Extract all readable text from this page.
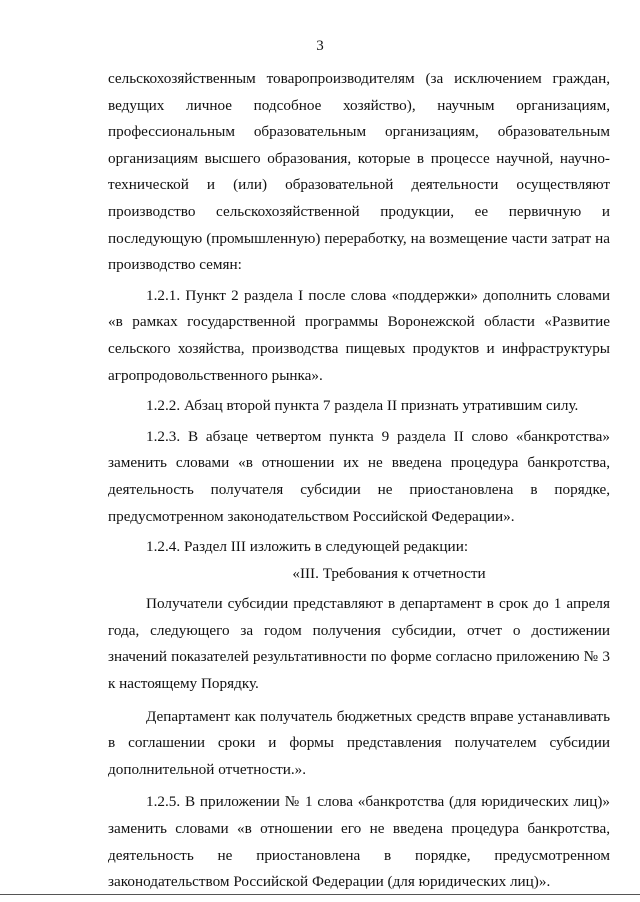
3

сельскохозяйственным товаропроизводителям (за исключением граждан, ведущих личное подсобное хозяйство), научным организациям, профессиональным образовательным организациям, образовательным организациям высшего образования, которые в процессе научной, научно-технической и (или) образовательной деятельности осуществляют производство сельскохозяйственной продукции, ее первичную и последующую (промышленную) переработку, на возмещение части затрат на производство семян:

1.2.1. Пункт 2 раздела I после слова «поддержки» дополнить словами «в рамках государственной программы Воронежской области «Развитие сельского хозяйства, производства пищевых продуктов и инфраструктуры агропродовольственного рынка».

1.2.2. Абзац второй пункта 7 раздела II признать утратившим силу.

1.2.3. В абзаце четвертом пункта 9 раздела II слово «банкротства» заменить словами «в отношении их не введена процедура банкротства, деятельность получателя субсидии не приостановлена в порядке, предусмотренном законодательством Российской Федерации».

1.2.4. Раздел III изложить в следующей редакции:

«III. Требования к отчетности

Получатели субсидии представляют в департамент в срок до 1 апреля года, следующего за годом получения субсидии, отчет о достижении значений показателей результативности по форме согласно приложению № 3 к настоящему Порядку.

Департамент как получатель бюджетных средств вправе устанавливать в соглашении сроки и формы представления получателем субсидии дополнительной отчетности.».

1.2.5. В приложении № 1 слова «банкротства (для юридических лиц)» заменить словами «в отношении его не введена процедура банкротства, деятельность не приостановлена в порядке, предусмотренном законодательством Российской Федерации (для юридических лиц)».
